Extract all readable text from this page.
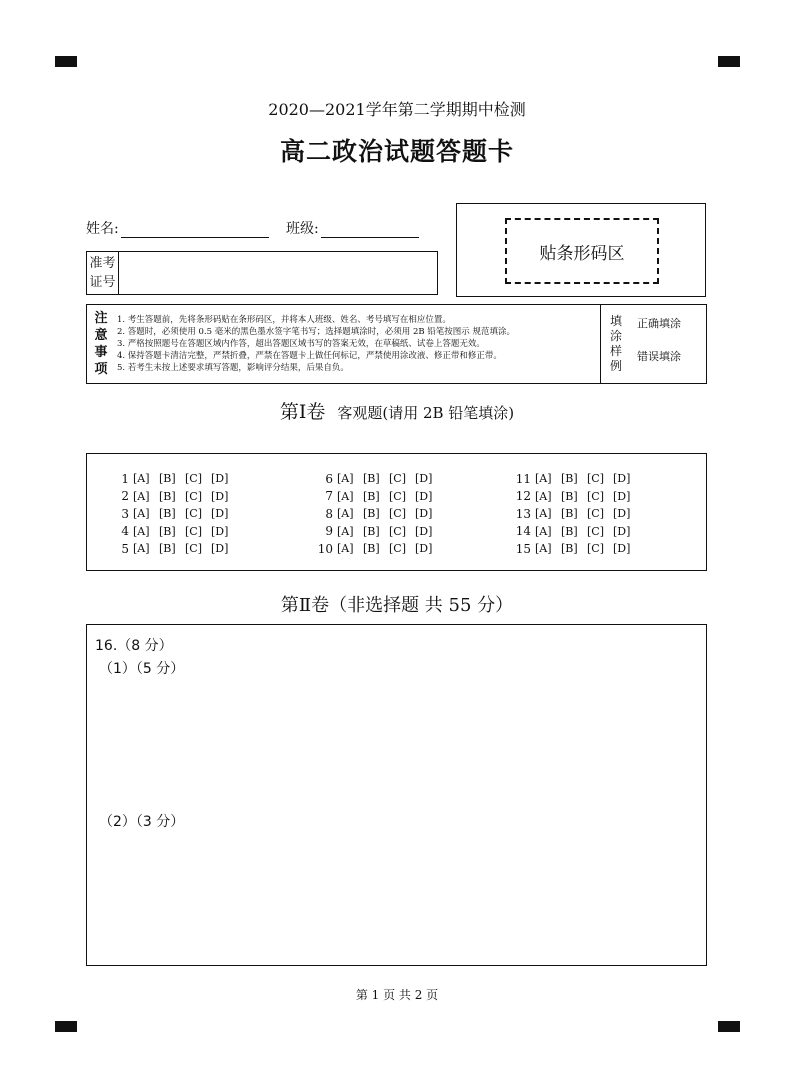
2020—2021学年第二学期期中检测
高二政治试题答题卡
姓名:	班级:
准考
证号
贴条形码区
注
意
事
项
1. 考生答题前，先将条形码贴在条形码区，并将本人班级、姓名、考号填写在相应位置。
2. 答题时，必须使用 0.5 毫米的黑色墨水签字笔书写；选择题填涂时，必须用 2B 铅笔按图示 规范填涂。
3. 严格按照题号在答题区域内作答，超出答题区域书写的答案无效，在草稿纸、试卷上答题无效。
4. 保持答题卡清洁完整，严禁折叠，严禁在答题卡上做任何标记，严禁使用涂改液、修正带和修正带。
5. 若考生未按上述要求填写答题，影响评分结果，后果自负。
填
涂
样
例
正确填涂
错误填涂
第Ⅰ卷 客观题(请用 2B 铅笔填涂)
1 [A] [B] [C] [D]
2 [A] [B] [C] [D]
3 [A] [B] [C] [D]
4 [A] [B] [C] [D]
5 [A] [B] [C] [D]
6 [A] [B] [C] [D]
7 [A] [B] [C] [D]
8 [A] [B] [C] [D]
9 [A] [B] [C] [D]
10 [A] [B] [C] [D]
11 [A] [B] [C] [D]
12 [A] [B] [C] [D]
13 [A] [B] [C] [D]
14 [A] [B] [C] [D]
15 [A] [B] [C] [D]
第Ⅱ卷（非选择题 共 55 分）
16.（8 分）
（1）（5 分）
（2）（3 分）
第 1 页 共 2 页
